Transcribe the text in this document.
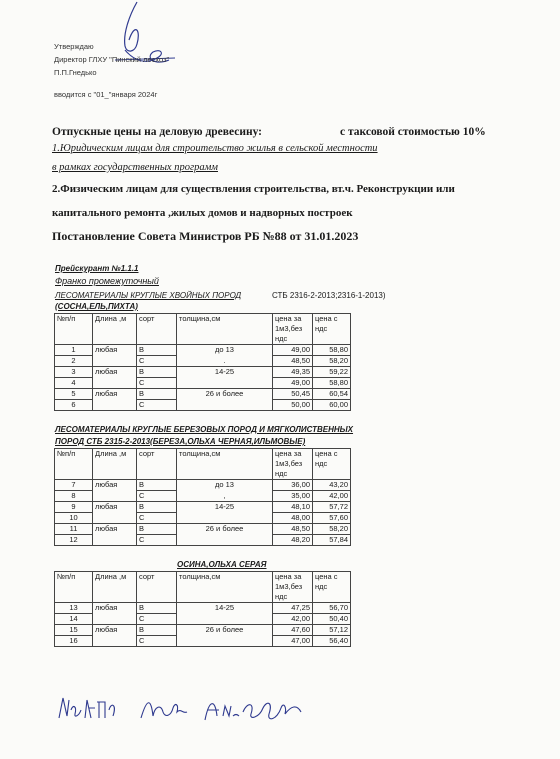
Утверждаю
Директор ГЛХУ "Пинский лесхоз"
П.П.Гнедько
вводится с "01_"января 2024г
Отпускные цены на деловую древесину:	с таксовой стоимостью 10%
1.Юридическим лицам для строительство жилья в сельской местности
в рамках государственных программ
2.Физическим лицам для существления строительства, вт.ч. Реконструкции или
капитального ремонта ,жилых домов и надворных построек
Постановление Совета Министров РБ №88 от 31.01.2023
Прейскурант №1.1.1
Франко промежуточный
ЛЕСОМАТЕРИАЛЫ КРУГЛЫЕ ХВОЙНЫХ ПОРОД	СТБ 2316-2-2013;2316-1-2013)
(СОСНА,ЕЛЬ,ПИХТА)
№п/п	Длина ,м	сорт	толщина,см	цена за 1м3,без ндс	цена с ндс
1	любая	В	до 13	49,00	58,80
2		С	.	48,50	58,20
3	любая	В	14-25	49,35	59,22
4		С		49,00	58,80
5	любая	В	26 и более	50,45	60,54
6		С		50,00	60,00
ЛЕСОМАТЕРИАЛЫ КРУГЛЫЕ БЕРЕЗОВЫХ ПОРОД И МЯГКОЛИСТВЕННЫХ
ПОРОД СТБ 2315-2-2013(БЕРЕЗА,ОЛЬХА ЧЕРНАЯ,ИЛЬМОВЫЕ)
№п/п	Длина ,м	сорт	толщина,см	цена за 1м3,без ндс	цена с ндс
7	любая	В	до 13	36,00	43,20
8		С	,	35,00	42,00
9	любая	В	14-25	48,10	57,72
10		С		48,00	57,60
11	любая	В	26 и более	48,50	58,20
12		С		48,20	57,84
ОСИНА,ОЛЬХА СЕРАЯ
№п/п	Длина ,м	сорт	толщина,см	цена за 1м3,без ндс	цена с ндс
13	любая	В	14-25	47,25	56,70
14		С		42,00	50,40
15	любая	В	26 и более	47,60	57,12
16		С		47,00	56,40
